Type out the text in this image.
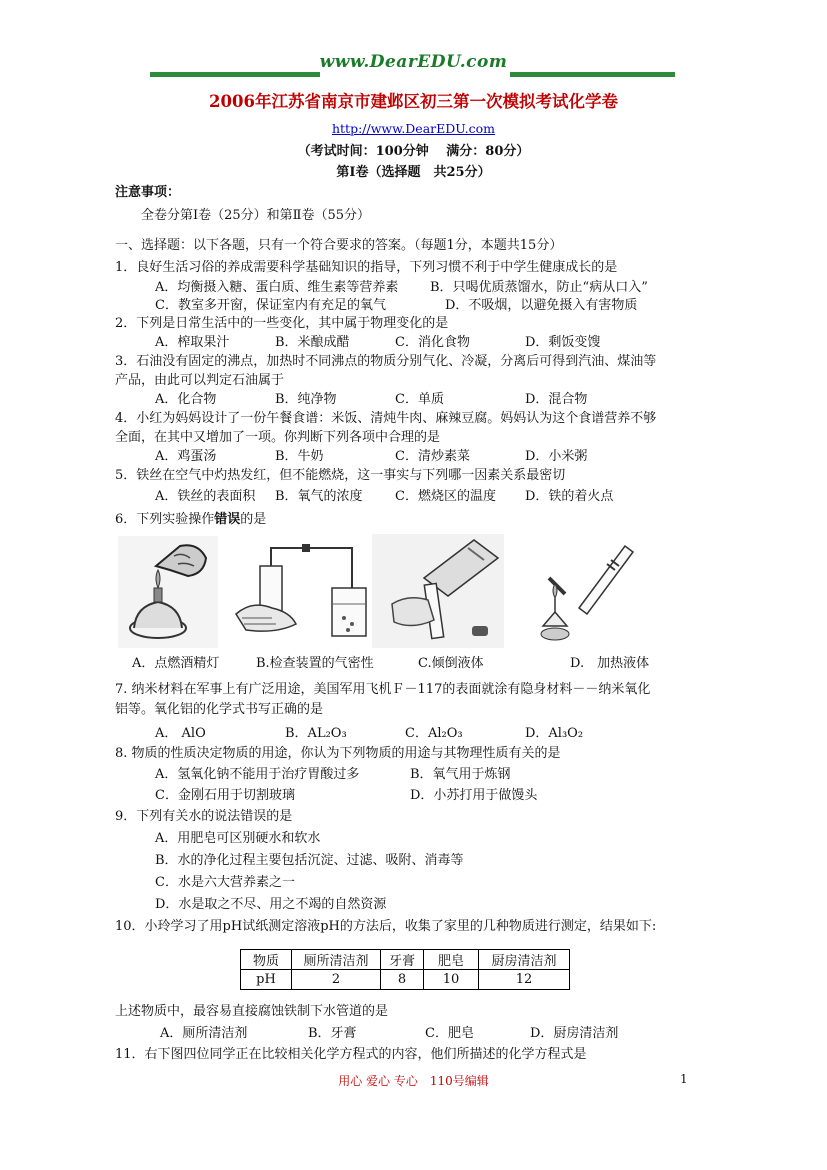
www.DearEDU.com
2006年江苏省南京市建邺区初三第一次模拟考试化学卷
http://www.DearEDU.com
（考试时间：100分钟　 满分：80分）
第Ⅰ卷（选择题　共25分）
注意事项：
全卷分第Ⅰ卷（25分）和第Ⅱ卷（55分）
一、选择题：以下各题，只有一个符合要求的答案。（每题1分，本题共15分）
1．良好生活习俗的养成需要科学基础知识的指导，下列习惯不利于中学生健康成长的是
A．均衡摄入糖、蛋白质、维生素等营养素 B．只喝优质蒸馏水，防止“病从口入”
C．教室多开窗，保证室内有充足的氧气	D．不吸烟，以避免摄入有害物质
2．下列是日常生活中的一些变化，其中属于物理变化的是
A．榨取果汁	B．米酿成醋	C．消化食物	D．剩饭变馊
3．石油没有固定的沸点，加热时不同沸点的物质分别气化、冷凝，分离后可得到汽油、煤油等
产品，由此可以判定石油属于
A．化合物	B．纯净物	C．单质	D．混合物
4．小红为妈妈设计了一份午餐食谱：米饭、清炖牛肉、麻辣豆腐。妈妈认为这个食谱营养不够
全面，在其中又增加了一项。你判断下列各项中合理的是
A．鸡蛋汤	B．牛奶	C．清炒素菜	D．小米粥
5．铁丝在空气中灼热发红，但不能燃烧，这一事实与下列哪一因素关系最密切
A．铁丝的表面积 B．氧气的浓度 C．燃烧区的温度 D．铁的着火点
6．下列实验操作错误的是
A．点燃酒精灯	B.检查装置的气密性	C.倾倒液体	D.　加热液体
7. 纳米材料在军事上有广泛用途，美国军用飞机Ｆ－117的表面就涂有隐身材料－－纳米氧化
铝等。氧化铝的化学式书写正确的是
A． AlO	B．AL₂O₃	C．Al₂O₃	D．Al₃O₂
8. 物质的性质决定物质的用途，你认为下列物质的用途与其物理性质有关的是
A．氢氧化钠不能用于治疗胃酸过多	B．氧气用于炼钢
C．金刚石用于切割玻璃	D．小苏打用于做馒头
9．下列有关水的说法错误的是
A．用肥皂可区别硬水和软水
B．水的净化过程主要包括沉淀、过滤、吸附、消毒等
C．水是六大营养素之一
D．水是取之不尽、用之不竭的自然资源
10．小玲学习了用pH试纸测定溶液pH的方法后，收集了家里的几种物质进行测定，结果如下:
物质	厕所清洁剂	牙膏	肥皂	厨房清洁剂
pH	2	8	10	12
上述物质中，最容易直接腐蚀铁制下水管道的是
A．厕所清洁剂	B．牙膏	C．肥皂	D．厨房清洁剂
11．右下图四位同学正在比较相关化学方程式的内容，他们所描述的化学方程式是
用心 爱心 专心　110号编辑	1
